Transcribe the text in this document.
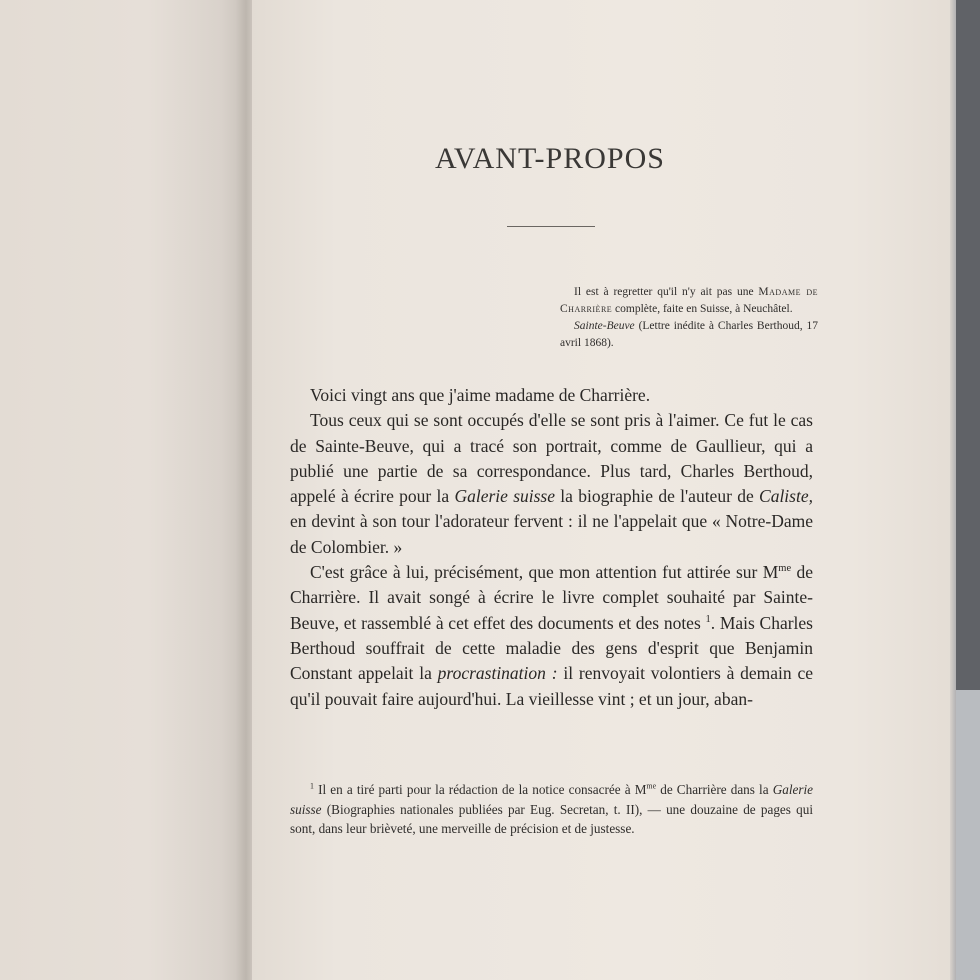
AVANT-PROPOS

Il est à regretter qu'il n'y ait pas une Madame de Charrière complète, faite en Suisse, à Neuchâtel.

Sainte-Beuve (Lettre inédite à Charles Berthoud, 17 avril 1868).

Voici vingt ans que j'aime madame de Charrière.

Tous ceux qui se sont occupés d'elle se sont pris à l'aimer. Ce fut le cas de Sainte-Beuve, qui a tracé son portrait, comme de Gaullieur, qui a publié une partie de sa correspondance. Plus tard, Charles Berthoud, appelé à écrire pour la Galerie suisse la biographie de l'auteur de Caliste, en devint à son tour l'adorateur fervent : il ne l'appelait que « Notre-Dame de Colombier. »

C'est grâce à lui, précisément, que mon attention fut attirée sur $M^{me}$ de Charrière. Il avait songé à écrire le livre complet souhaité par Sainte-Beuve, et rassemblé à cet effet des documents et des notes $^1$. Mais Charles Berthoud souffrait de cette maladie des gens d'esprit que Benjamin Constant appelait la procrastination : il renvoyait volontiers à demain ce qu'il pouvait faire aujourd'hui. La vieillesse vint ; et un jour, aban-

$^1$ Il en a tiré parti pour la rédaction de la notice consacrée à $M^{me}$ de Charrière dans la Galerie suisse (Biographies nationales publiées par Eug. Secretan, t. II), — une douzaine de pages qui sont, dans leur brièveté, une merveille de précision et de justesse.
